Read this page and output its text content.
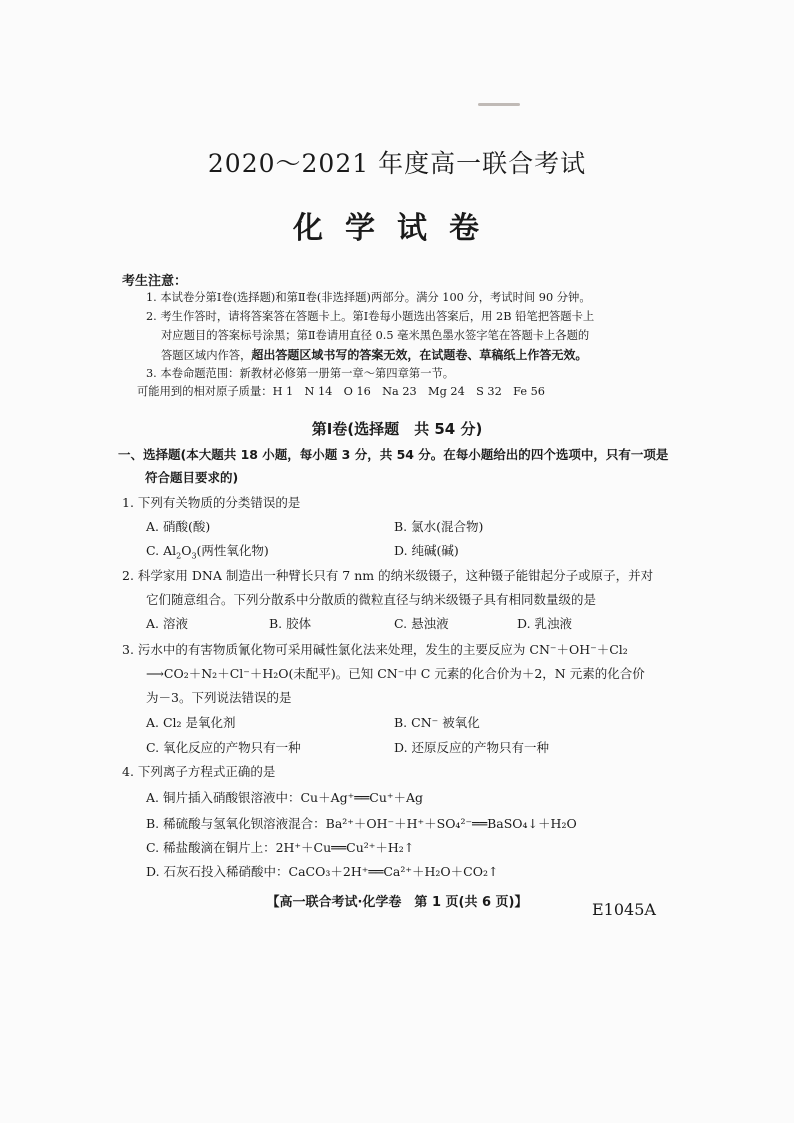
2020～2021 年度高一联合考试
化学试卷
考生注意：
1. 本试卷分第Ⅰ卷(选择题)和第Ⅱ卷(非选择题)两部分。满分 100 分，考试时间 90 分钟。
2. 考生作答时，请将答案答在答题卡上。第Ⅰ卷每小题选出答案后，用 2B 铅笔把答题卡上
对应题目的答案标号涂黑；第Ⅱ卷请用直径 0.5 毫米黑色墨水签字笔在答题卡上各题的
答题区域内作答，超出答题区域书写的答案无效，在试题卷、草稿纸上作答无效。
3. 本卷命题范围：新教材必修第一册第一章～第四章第一节。
可能用到的相对原子质量：H 1　N 14　O 16　Na 23　Mg 24　S 32　Fe 56
第Ⅰ卷(选择题　共 54 分)
一、选择题(本大题共 18 小题，每小题 3 分，共 54 分。在每小题给出的四个选项中，只有一项是
符合题目要求的)
1. 下列有关物质的分类错误的是
A. 硝酸(酸)	B. 氯水(混合物)
C. $Al_2O_3$(两性氧化物)	D. 纯碱(碱)
2. 科学家用 DNA 制造出一种臂长只有 7 nm 的纳米级镊子，这种镊子能钳起分子或原子，并对
它们随意组合。下列分散系中分散质的微粒直径与纳米级镊子具有相同数量级的是
A. 溶液	B. 胶体	C. 悬浊液	D. 乳浊液
3. 污水中的有害物质氰化物可采用碱性氯化法来处理，发生的主要反应为 CN⁻＋OH⁻＋Cl₂
⟶CO₂＋N₂＋Cl⁻＋H₂O(未配平)。已知 CN⁻中 C 元素的化合价为＋2，N 元素的化合价
为－3。下列说法错误的是
A. Cl₂ 是氧化剂	B. CN⁻ 被氧化
C. 氧化反应的产物只有一种	D. 还原反应的产物只有一种
4. 下列离子方程式正确的是
A. 铜片插入硝酸银溶液中：Cu＋Ag⁺══Cu⁺＋Ag
B. 稀硫酸与氢氧化钡溶液混合：Ba²⁺＋OH⁻＋H⁺＋SO₄²⁻══BaSO₄↓＋H₂O
C. 稀盐酸滴在铜片上：2H⁺＋Cu══Cu²⁺＋H₂↑
D. 石灰石投入稀硝酸中：CaCO₃＋2H⁺══Ca²⁺＋H₂O＋CO₂↑
【高一联合考试·化学卷　第 1 页(共 6 页)】	E1045A
